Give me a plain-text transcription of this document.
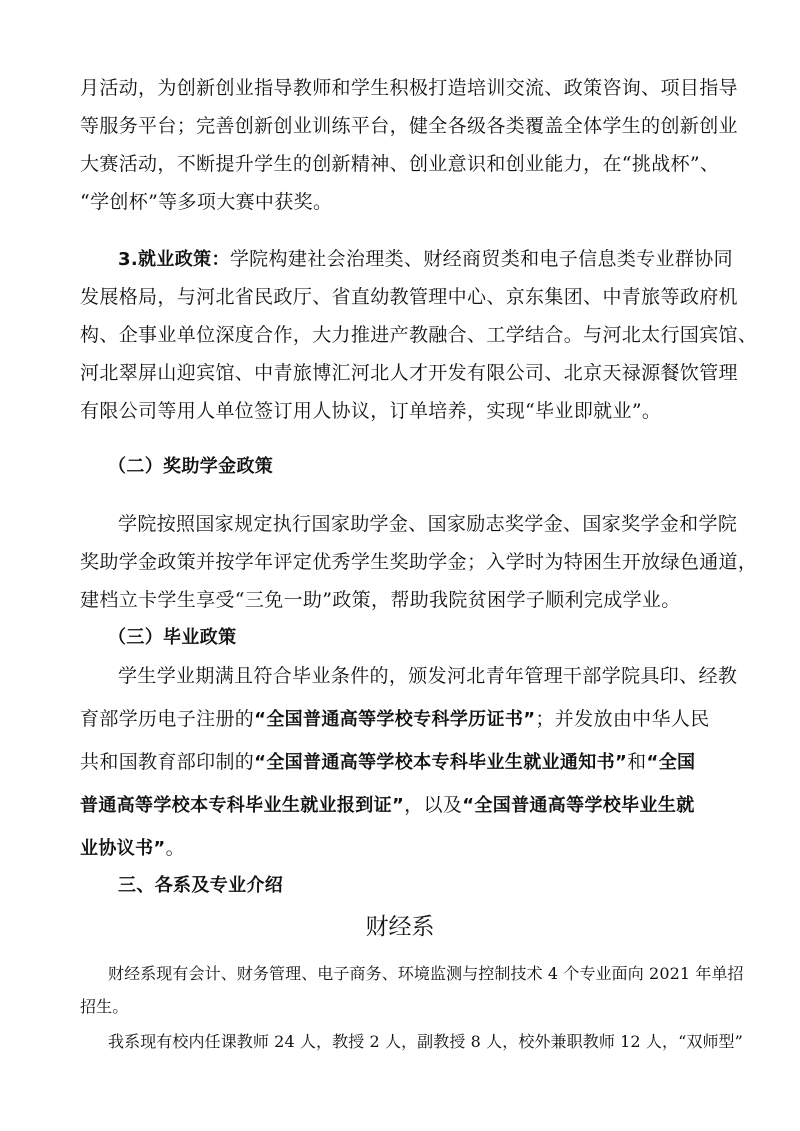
月活动，为创新创业指导教师和学生积极打造培训交流、政策咨询、项目指导
等服务平台；完善创新创业训练平台，健全各级各类覆盖全体学生的创新创业
大赛活动，不断提升学生的创新精神、创业意识和创业能力，在“挑战杯”、
“学创杯”等多项大赛中获奖。
3.就业政策：学院构建社会治理类、财经商贸类和电子信息类专业群协同
发展格局，与河北省民政厅、省直幼教管理中心、京东集团、中青旅等政府机
构、企事业单位深度合作，大力推进产教融合、工学结合。与河北太行国宾馆、
河北翠屏山迎宾馆、中青旅博汇河北人才开发有限公司、北京天禄源餐饮管理
有限公司等用人单位签订用人协议，订单培养，实现“毕业即就业”。
（二）奖助学金政策
学院按照国家规定执行国家助学金、国家励志奖学金、国家奖学金和学院
奖助学金政策并按学年评定优秀学生奖助学金；入学时为特困生开放绿色通道，
建档立卡学生享受“三免一助”政策，帮助我院贫困学子顺利完成学业。
（三）毕业政策
学生学业期满且符合毕业条件的，颁发河北青年管理干部学院具印、经教
育部学历电子注册的“全国普通高等学校专科学历证书”；并发放由中华人民
共和国教育部印制的“全国普通高等学校本专科毕业生就业通知书”和“全国
普通高等学校本专科毕业生就业报到证”，以及“全国普通高等学校毕业生就
业协议书”。
三、各系及专业介绍
财经系
财经系现有会计、财务管理、电子商务、环境监测与控制技术 4 个专业面向 2021 年单招
招生。
我系现有校内任课教师 24 人，教授 2 人，副教授 8 人，校外兼职教师 12 人，“双师型”
